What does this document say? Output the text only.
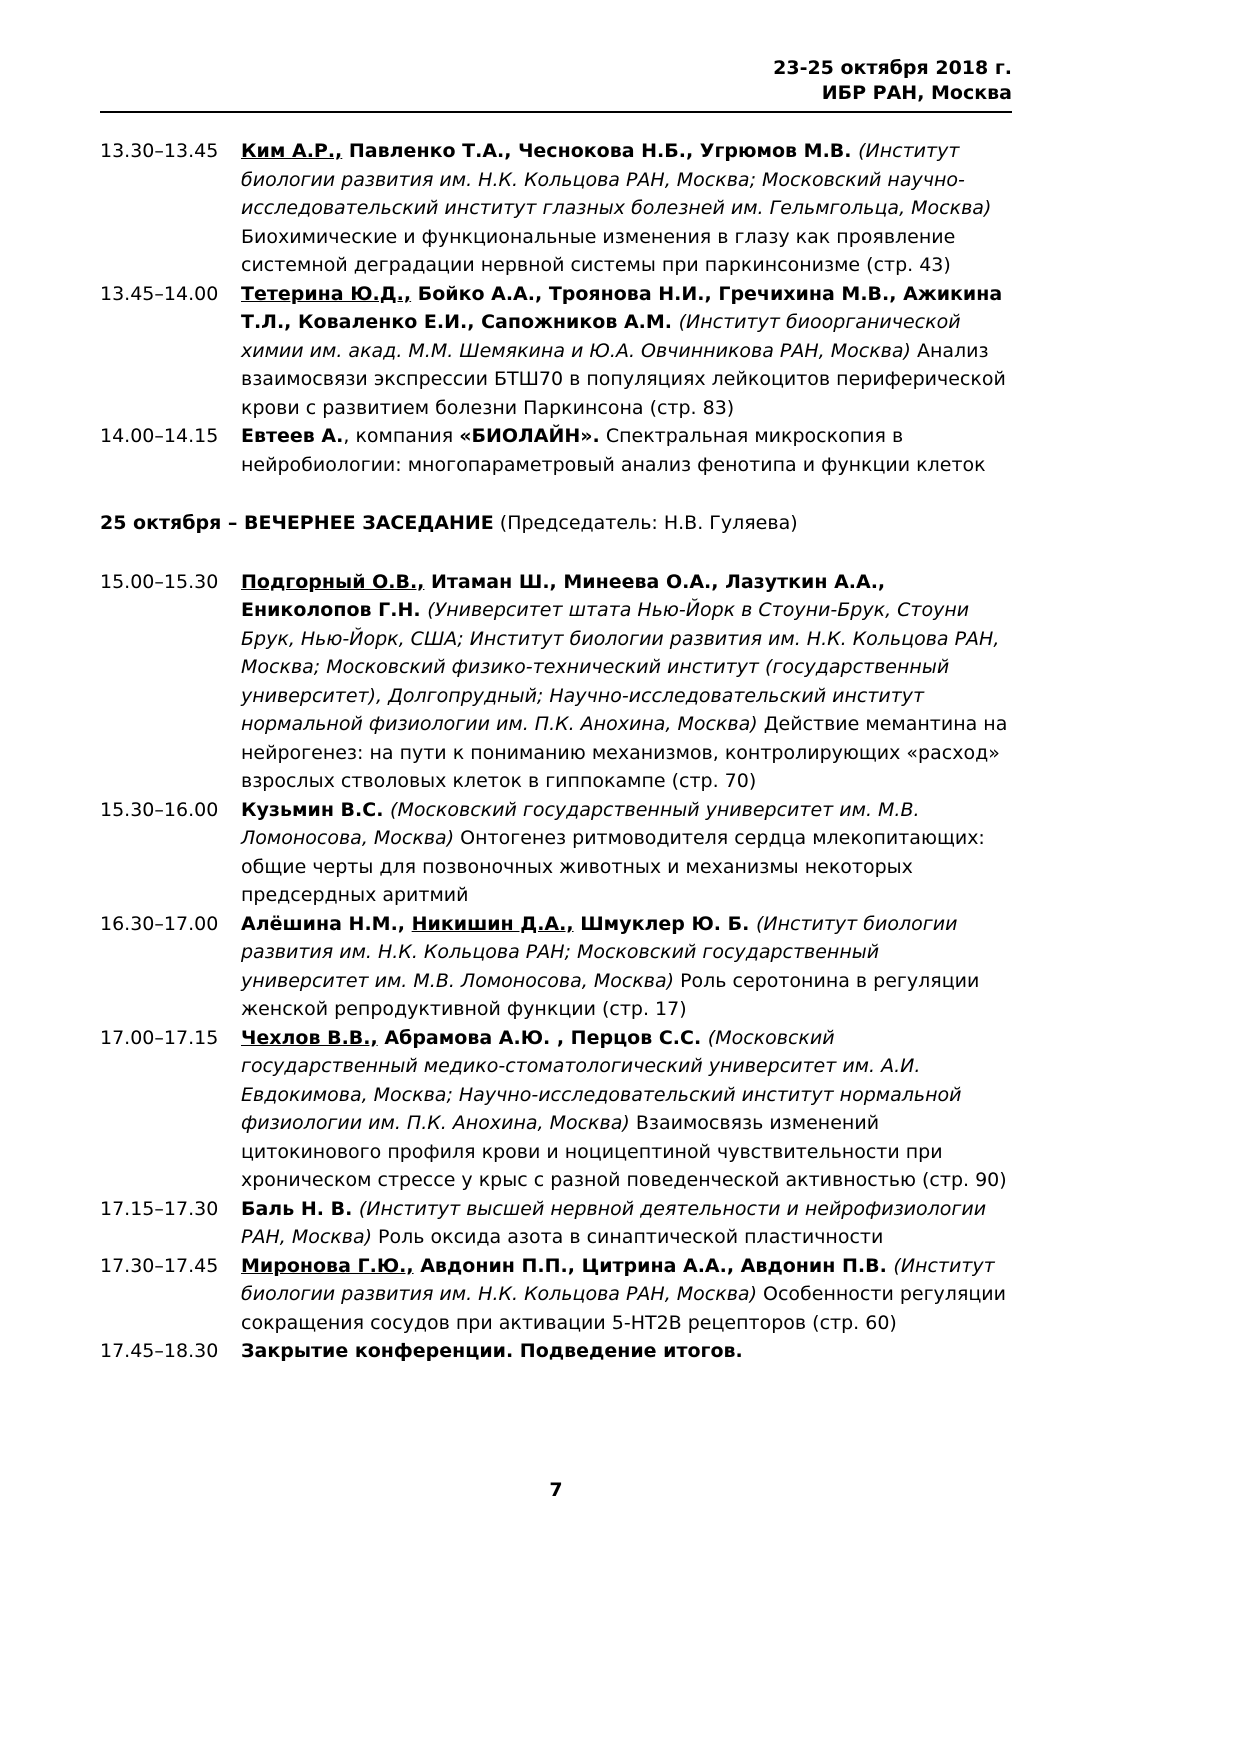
23-25 октября 2018 г.
ИБР РАН, Москва
13.30–13.45	Ким А.Р., Павленко Т.А., Чеснокова Н.Б., Угрюмов М.В. (Институт биологии развития им. Н.К. Кольцова РАН, Москва; Московский научно-исследовательский институт глазных болезней им. Гельмгольца, Москва) Биохимические и функциональные изменения в глазу как проявление системной деградации нервной системы при паркинсонизме (стр. 43)
13.45–14.00	Тетерина Ю.Д., Бойко А.А., Троянова Н.И., Гречихина М.В., Ажикина Т.Л., Коваленко Е.И., Сапожников А.М. (Институт биоорганической химии им. акад. М.М. Шемякина и Ю.А. Овчинникова РАН, Москва) Анализ взаимосвязи экспрессии БТШ70 в популяциях лейкоцитов периферической крови с развитием болезни Паркинсона (стр. 83)
14.00–14.15	Евтеев А., компания «БИОЛАЙН». Спектральная микроскопия в нейробиологии: многопараметровый анализ фенотипа и функции клеток
25 октября – ВЕЧЕРНЕЕ ЗАСЕДАНИЕ (Председатель: Н.В. Гуляева)
15.00–15.30	Подгорный О.В., Итаман Ш., Минеева О.А., Лазуткин А.А., Ениколопов Г.Н. (Университет штата Нью-Йорк в Стоуни-Брук, Стоуни Брук, Нью-Йорк, США; Институт биологии развития им. Н.К. Кольцова РАН, Москва; Московский физико-технический институт (государственный университет), Долгопрудный; Научно-исследовательский институт нормальной физиологии им. П.К. Анохина, Москва) Действие мемантина на нейрогенез: на пути к пониманию механизмов, контролирующих «расход» взрослых стволовых клеток в гиппокампе (стр. 70)
15.30–16.00	Кузьмин В.С. (Московский государственный университет им. М.В. Ломоносова, Москва) Онтогенез ритмоводителя сердца млекопитающих: общие черты для позвоночных животных и механизмы некоторых предсердных аритмий
16.30–17.00	Алёшина Н.М., Никишин Д.А., Шмуклер Ю. Б. (Институт биологии развития им. Н.К. Кольцова РАН; Московский государственный университет им. М.В. Ломоносова, Москва) Роль серотонина в регуляции женской репродуктивной функции (стр. 17)
17.00–17.15	Чехлов В.В., Абрамова А.Ю. , Перцов С.С. (Московский государственный медико-стоматологический университет им. А.И. Евдокимова, Москва; Научно-исследовательский институт нормальной физиологии им. П.К. Анохина, Москва) Взаимосвязь изменений цитокинового профиля крови и ноцицептиной чувствительности при хроническом стрессе у крыс с разной поведенческой активностью (стр. 90)
17.15–17.30	Баль Н. В. (Институт высшей нервной деятельности и нейрофизиологии РАН, Москва) Роль оксида азота в синаптической пластичности
17.30–17.45	Миронова Г.Ю., Авдонин П.П., Цитрина А.А., Авдонин П.В. (Институт биологии развития им. Н.К. Кольцова РАН, Москва) Особенности регуляции сокращения сосудов при активации 5-HT2B рецепторов (стр. 60)
17.45–18.30	Закрытие конференции. Подведение итогов.
7
